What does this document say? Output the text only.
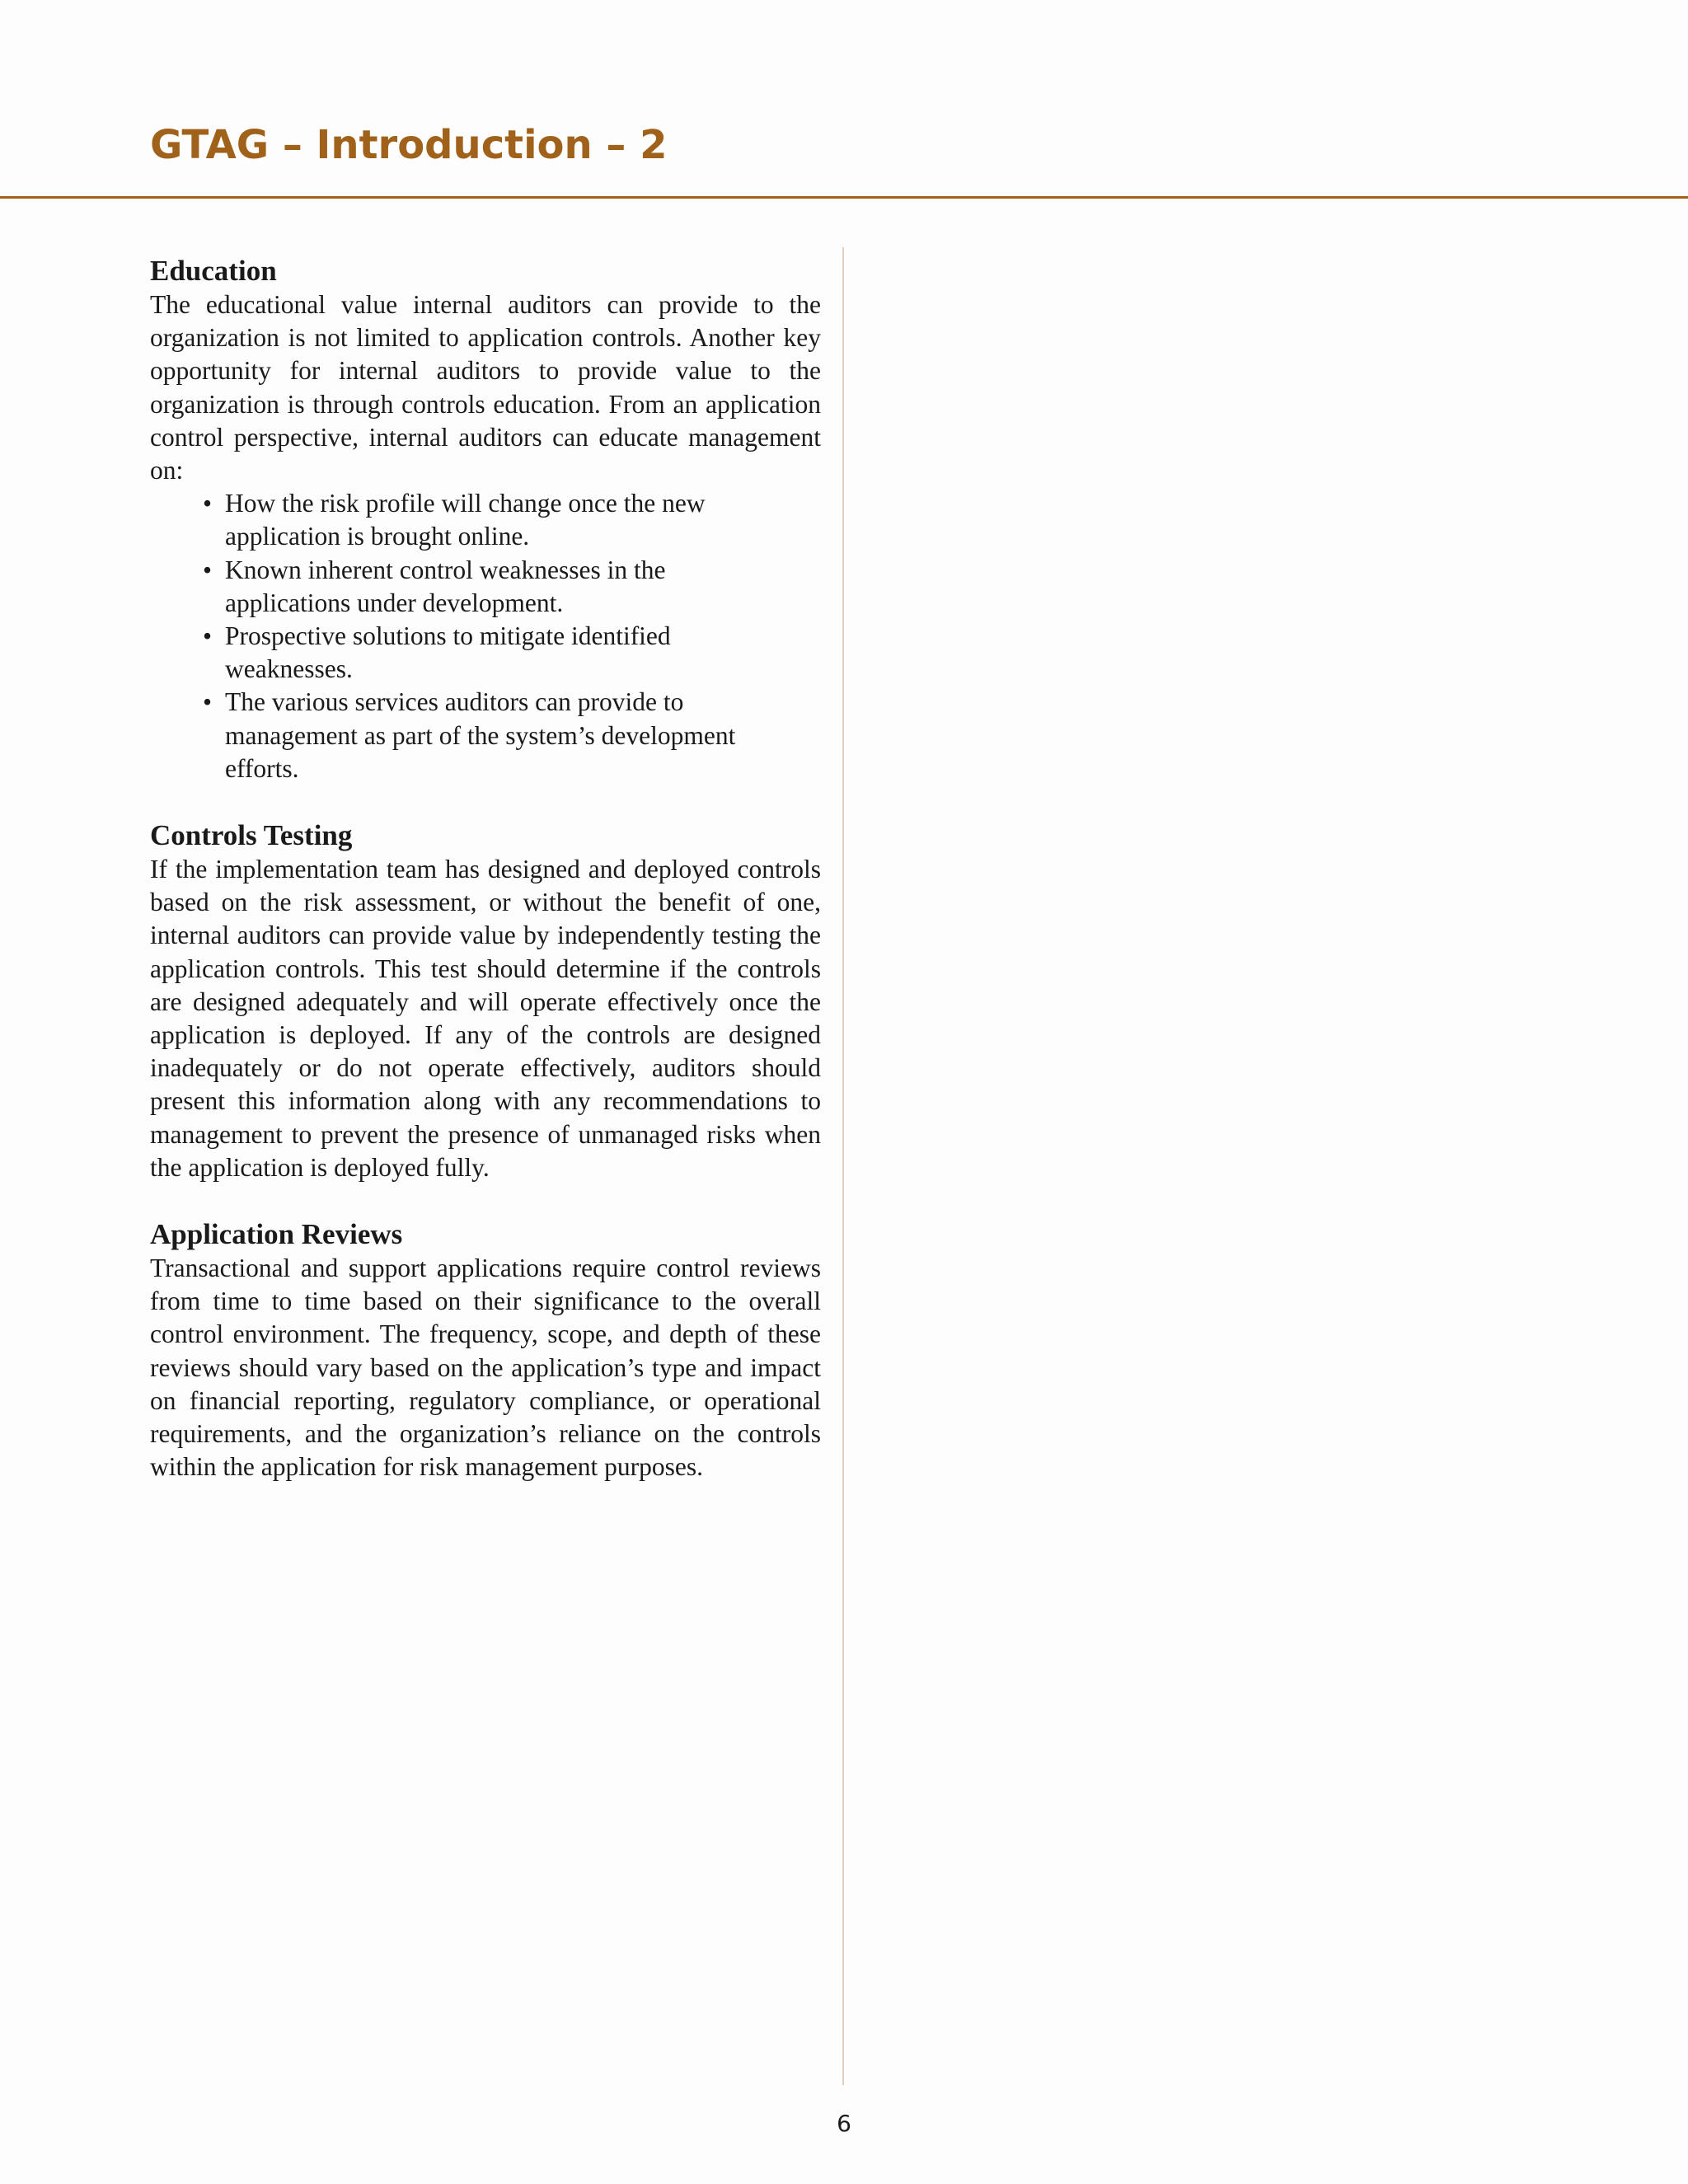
GTAG – Introduction – 2
Education

The educational value internal auditors can provide to the organization is not limited to application controls. Another key opportunity for internal auditors to provide value to the organization is through controls education. From an application control perspective, internal auditors can educate management on:

• How the risk profile will change once the new application is brought online.
• Known inherent control weaknesses in the applications under development.
• Prospective solutions to mitigate identified weaknesses.
• The various services auditors can provide to management as part of the system’s development efforts.
Controls Testing

If the implementation team has designed and deployed controls based on the risk assessment, or without the benefit of one, internal auditors can provide value by independently testing the application controls. This test should determine if the controls are designed adequately and will operate effectively once the application is deployed. If any of the controls are designed inadequately or do not operate effectively, auditors should present this information along with any recommendations to management to prevent the presence of unmanaged risks when the application is deployed fully.

Application Reviews

Transactional and support applications require control reviews from time to time based on their significance to the overall control environment. The frequency, scope, and depth of these reviews should vary based on the application’s type and impact on financial reporting, regulatory compliance, or operational requirements, and the organization’s reliance on the controls within the application for risk management purposes.

6
